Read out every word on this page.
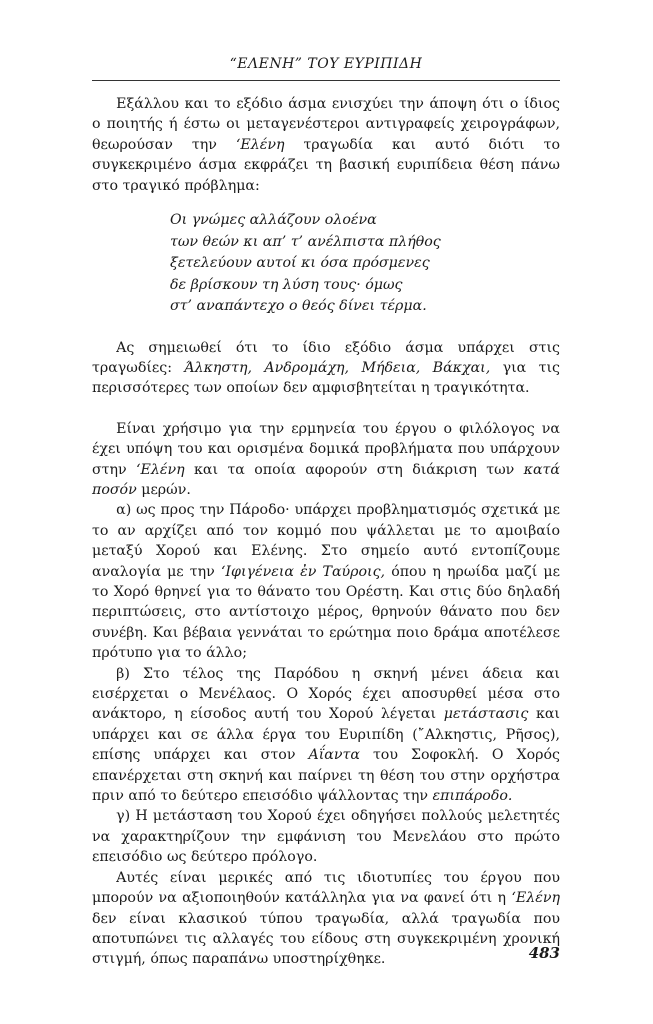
“ΕΛΕΝΗ” ΤΟΥ ΕΥΡΙΠΙΔΗ

Εξάλλου και το εξόδιο άσμα ενισχύει την άποψη ότι ο ίδιος ο ποιητής ή έστω οι μεταγενέστεροι αντιγραφείς χειρογράφων, θεωρούσαν την ‘Ελένη τραγωδία και αυτό διότι το συγκεκριμένο άσμα εκφράζει τη βασική ευριπίδεια θέση πάνω στο τραγικό πρόβλημα:

Οι γνώμες αλλάζουν ολοένα
των θεών κι απ’ τ’ ανέλπιστα πλήθος
ξετελεύουν αυτοί κι όσα πρόσμενες
δε βρίσκουν τη λύση τους· όμως
στ’ αναπάντεχο ο θεός δίνει τέρμα.

Ας σημειωθεί ότι το ίδιο εξόδιο άσμα υπάρχει στις τραγωδίες: Άλκηστη, Ανδρομάχη, Μήδεια, Βάκχαι, για τις περισσότερες των οποίων δεν αμφισβητείται η τραγικότητα.

Είναι χρήσιμο για την ερμηνεία του έργου ο φιλόλογος να έχει υπόψη του και ορισμένα δομικά προβλήματα που υπάρχουν στην ‘Ελένη και τα οποία αφορούν στη διάκριση των κατά ποσόν μερών.

α) ως προς την Πάροδο· υπάρχει προβληματισμός σχετικά με το αν αρχίζει από τον κομμό που ψάλλεται με το αμοιβαίο μεταξύ Χορού και Ελένης. Στο σημείο αυτό εντοπίζουμε αναλογία με την ‘Ιφιγένεια ἐν Ταύροις, όπου η ηρωίδα μαζί με το Χορό θρηνεί για το θάνατο του Ορέστη. Και στις δύο δηλαδή περιπτώσεις, στο αντίστοιχο μέρος, θρηνούν θάνατο που δεν συνέβη. Και βέβαια γεννάται το ερώτημα ποιο δράμα αποτέλεσε πρότυπο για το άλλο;

β) Στο τέλος της Παρόδου η σκηνή μένει άδεια και εισέρχεται ο Μενέλαος. Ο Χορός έχει αποσυρθεί μέσα στο ανάκτορο, η είσοδος αυτή του Χορού λέγεται μετάστασις και υπάρχει και σε άλλα έργα του Ευριπίδη (῎Αλκηστις, Ρῆσος), επίσης υπάρχει και στον Αΐαντα του Σοφοκλή. Ο Χορός επανέρχεται στη σκηνή και παίρνει τη θέση του στην ορχήστρα πριν από το δεύτερο επεισόδιο ψάλλοντας την επιπάροδο.

γ) Η μετάσταση του Χορού έχει οδηγήσει πολλούς μελετητές να χαρακτηρίζουν την εμφάνιση του Μενελάου στο πρώτο επεισόδιο ως δεύτερο πρόλογο.

Αυτές είναι μερικές από τις ιδιοτυπίες του έργου που μπορούν να αξιοποιηθούν κατάλληλα για να φανεί ότι η ‘Ελένη δεν είναι κλασικού τύπου τραγωδία, αλλά τραγωδία που αποτυπώνει τις αλλαγές του είδους στη συγκεκριμένη χρονική στιγμή, όπως παραπάνω υποστηρίχθηκε.	483
